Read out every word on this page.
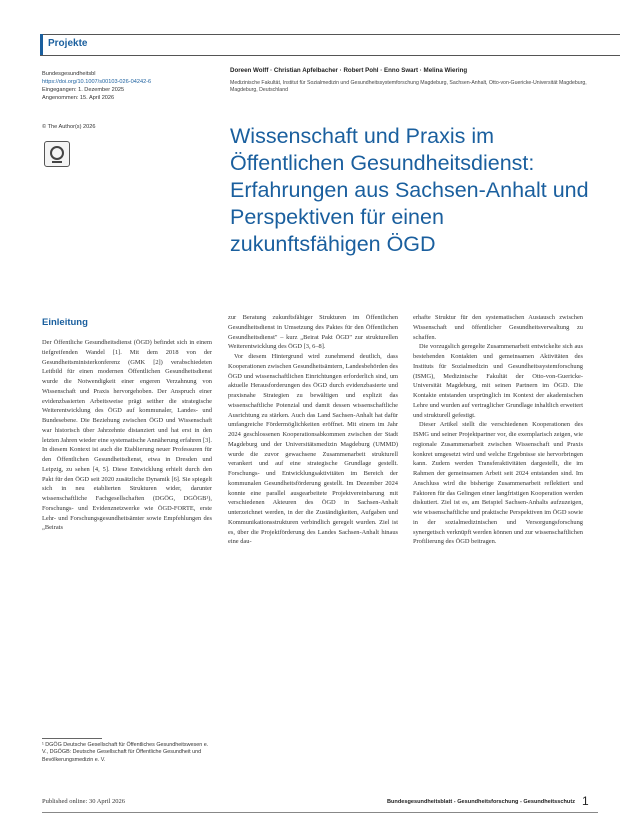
Projekte
Bundesgesundheitsbl
https://doi.org/10.1007/s00103-026-04242-6
Eingegangen: 1. Dezember 2025
Angenommen: 15. April 2026
© The Author(s) 2026
Doreen Wolff · Christian Apfelbacher · Robert Pohl · Enno Swart · Melina Wiering
Medizinische Fakultät, Institut für Sozialmedizin und Gesundheitssystemforschung Magdeburg, Sachsen-Anhalt, Otto-von-Guericke-Universität Magdeburg, Magdeburg, Deutschland
Wissenschaft und Praxis im Öffentlichen Gesundheitsdienst: Erfahrungen aus Sachsen-Anhalt und Perspektiven für einen zukunftsfähigen ÖGD
Einleitung
Der Öffentliche Gesundheitsdienst (ÖGD) befindet sich in einem tiefgreifenden Wandel [1]. Mit dem 2018 von der Gesundheitsministerkonferenz (GMK [2]) verabschiedeten Leitbild für einen modernen Öffentlichen Gesundheitsdienst wurde die Notwendigkeit einer engeren Verzahnung von Wissenschaft und Praxis hervorgehoben. Der Anspruch einer evidenzbasierten Arbeitsweise prägt seither die strategische Weiterentwicklung des ÖGD auf kommunaler, Landes- und Bundesebene. Die Beziehung zwischen ÖGD und Wissenschaft war historisch über Jahrzehnte distanziert und hat erst in den letzten Jahren wieder eine systematische Annäherung erfahren [3]. In diesem Kontext ist auch die Etablierung neuer Professuren für den Öffentlichen Gesundheitsdienst, etwa in Dresden und Leipzig, zu sehen [4, 5]. Diese Entwicklung erhielt durch den Pakt für den ÖGD seit 2020 zusätzliche Dynamik [6]. Sie spiegelt sich in neu etablierten Strukturen wider, darunter wissenschaftliche Fachgesellschaften (DGÖG, DGÖGB¹), Forschungs- und Evidenznetzwerke wie ÖGD-FORTE, erste Lehr- und Forschungsgesundheitsämter sowie Empfehlungen des „Beirats

zur Beratung zukunftsfähiger Strukturen im Öffentlichen Gesundheitsdienst in Umsetzung des Paktes für den Öffentlichen Gesundheitsdienst" – kurz „Beirat Pakt ÖGD" zur strukturellen Weiterentwicklung des ÖGD [3, 6–8].

Vor diesem Hintergrund wird zunehmend deutlich, dass Kooperationen zwischen Gesundheitsämtern, Landesbehörden des ÖGD und wissenschaftlichen Einrichtungen erforderlich sind, um aktuelle Herausforderungen des ÖGD durch evidenzbasierte und praxisnahe Strategien zu bewältigen und explizit das wissenschaftliche Potenzial und damit dessen wissenschaftliche Ausrichtung zu stärken. Auch das Land Sachsen-Anhalt hat dafür umfangreiche Fördermöglichkeiten eröffnet. Mit einem im Jahr 2024 geschlossenen Kooperationsabkommen zwischen der Stadt Magdeburg und der Universitätsmedizin Magdeburg (UMMD) wurde die zuvor gewachsene Zusammenarbeit strukturell verankert und auf eine strategische Grundlage gestellt. Forschungs- und Entwicklungsaktivitäten im Bereich der kommunalen Gesundheitsförderung gestellt. Im Dezember 2024 konnte eine parallel ausgearbeitete Projektvereinbarung mit verschiedenen Akteuren des ÖGD in Sachsen-Anhalt unterzeichnet werden, in der die Zuständigkeiten, Aufgaben und Kommunikationsstrukturen verbindlich geregelt wurden. Ziel ist es, über die Projektförderung des Landes Sachsen-Anhalt hinaus eine dau-

erhafte Struktur für den systematischen Austausch zwischen Wissenschaft und öffentlicher Gesundheitsverwaltung zu schaffen.

Die vorzugslich geregelte Zusammenarbeit entwickelte sich aus bestehenden Kontakten und gemeinsamen Aktivitäten des Instituts für Sozialmedizin und Gesundheitssystemforschung (ISMG), Medizinische Fakultät der Otto-von-Guericke-Universität Magdeburg, mit seinen Partnern im ÖGD. Die Kontakte entstanden ursprünglich im Kontext der akademischen Lehre und wurden auf vertraglicher Grundlage inhaltlich erweitert und strukturell gefestigt.

Dieser Artikel stellt die verschiedenen Kooperationen des ISMG und seiner Projektpartner vor, die exemplarisch zeigen, wie regionale Zusammenarbeit zwischen Wissenschaft und Praxis konkret umgesetzt wird und welche Ergebnisse sie hervorbringen kann. Zudem werden Transferaktivitäten dargestellt, die im Rahmen der gemeinsamen Arbeit seit 2024 entstanden sind. Im Anschluss wird die bisherige Zusammenarbeit reflektiert und Faktoren für das Gelingen einer langfristigen Kooperation werden diskutiert. Ziel ist es, am Beispiel Sachsen-Anhalts aufzuzeigen, wie wissenschaftliche und praktische Perspektiven im ÖGD sowie in der sozialmedizinischen und Versorgungsforschung synergetisch verknüpft werden können und zur wissenschaftlichen Profilierung des ÖGD beitragen.

¹ DGÖG Deutsche Gesellschaft für Öffentliches Gesundheitswesen e. V., DGÖGB: Deutsche Gesellschaft für Öffentliche Gesundheit und Bevölkerungsmedizin e. V.
Published online: 30 April 2026	Bundesgesundheitsblatt - Gesundheitsforschung - Gesundheitsschutz 1
